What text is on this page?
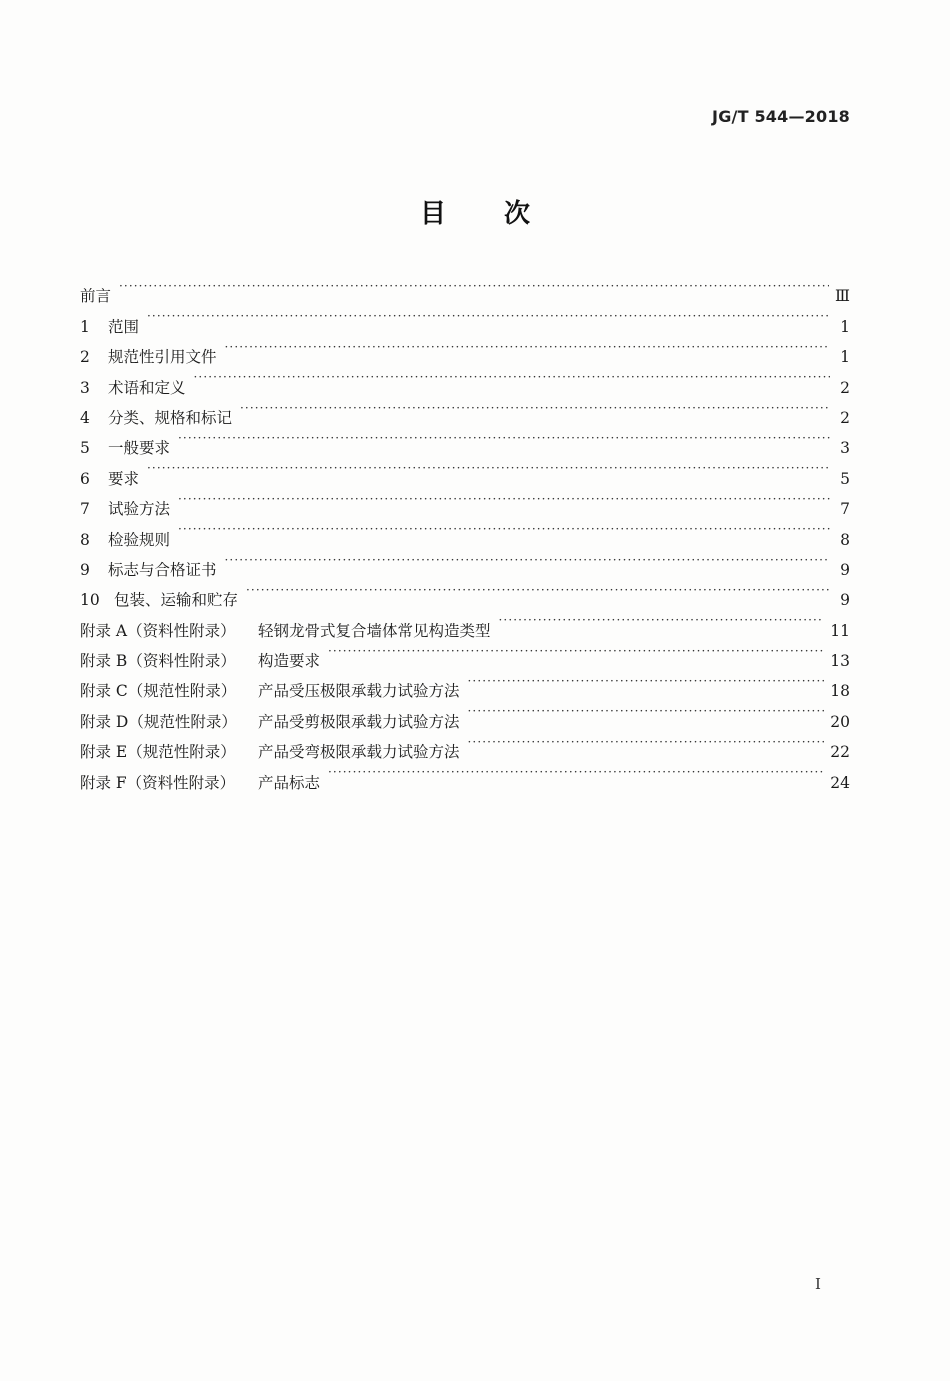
JG/T 544—2018
目 次
前言 ·····	Ⅲ
1	范围 ·····	1
2	规范性引用文件 ·····	1
3	术语和定义 ·····	2
4	分类、规格和标记 ·····	2
5	一般要求 ·····	3
6	要求 ·····	5
7	试验方法 ·····	7
8	检验规则 ·····	8
9	标志与合格证书 ·····	9
10 包装、运输和贮存 ·····	9
附录 A（资料性附录）	轻钢龙骨式复合墙体常见构造类型 ·····	11
附录 B（资料性附录）	构造要求 ·····	13
附录 C（规范性附录）	产品受压极限承载力试验方法 ·····	18
附录 D（规范性附录）	产品受剪极限承载力试验方法 ·····	20
附录 E（规范性附录）	产品受弯极限承载力试验方法 ·····	22
附录 F（资料性附录）	产品标志 ·····	24
I
